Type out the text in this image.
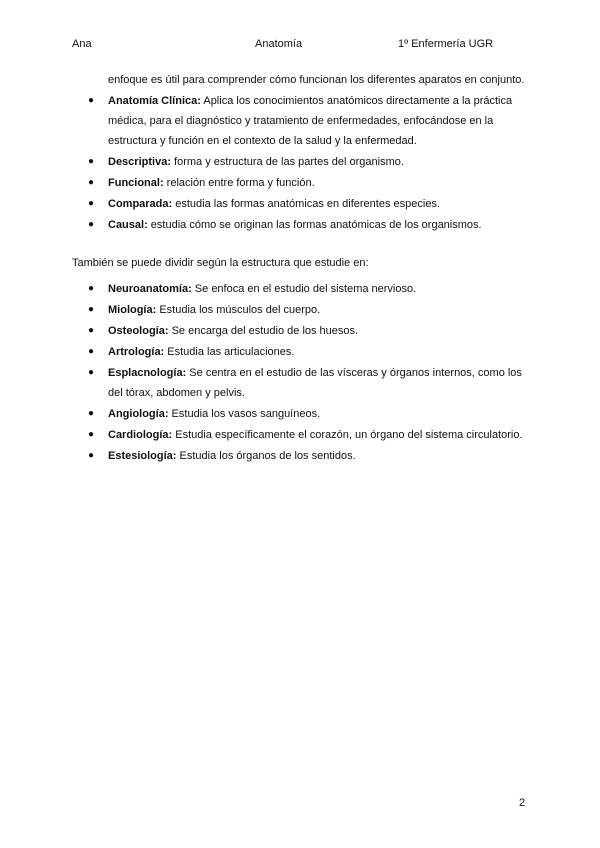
Ana	Anatomía	1º Enfermería UGR
enfoque es útil para comprender cómo funcionan los diferentes aparatos en conjunto.
● Anatomía Clínica: Aplica los conocimientos anatómicos directamente a la práctica médica, para el diagnóstico y tratamiento de enfermedades, enfocándose en la estructura y función en el contexto de la salud y la enfermedad.
● Descriptiva: forma y estructura de las partes del organismo.
● Funcional: relación entre forma y función.
● Comparada: estudia las formas anatómicas en diferentes especies.
● Causal: estudia cómo se originan las formas anatómicas de los organismos.

También se puede dividir según la estructura que estudie en:

● Neuroanatomía: Se enfoca en el estudio del sistema nervioso.
● Miología: Estudia los músculos del cuerpo.
● Osteología: Se encarga del estudio de los huesos.
● Artrología: Estudia las articulaciones.
● Esplacnología: Se centra en el estudio de las vísceras y órganos internos, como los del tórax, abdomen y pelvis.
● Angiología: Estudia los vasos sanguíneos.
● Cardiología: Estudia específicamente el corazón, un órgano del sistema circulatorio.
● Estesiología: Estudia los órganos de los sentidos.
2
